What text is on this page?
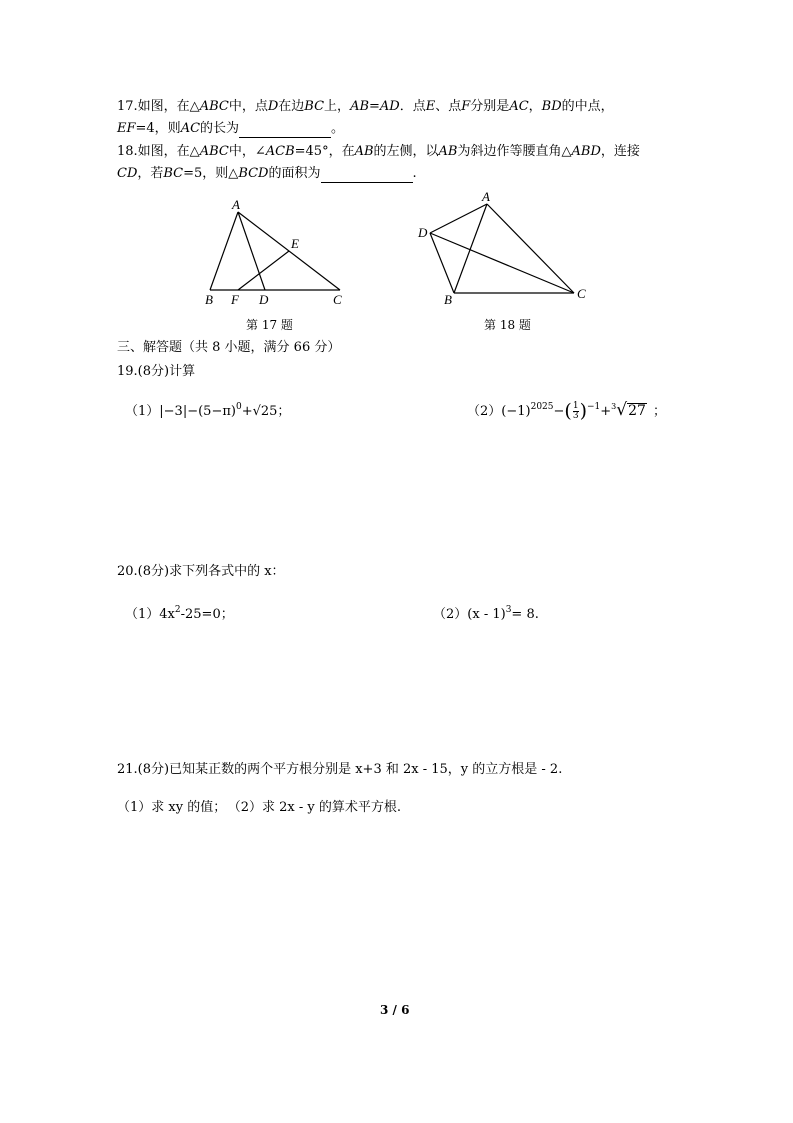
17.如图，在△ABC中，点D在边BC上，AB=AD．点E、点F分别是AC，BD的中点，
EF=4，则AC的长为	。
18.如图，在△ABC中，∠ACB=45°，在AB的左侧，以AB为斜边作等腰直角△ABD，连接
CD，若BC=5，则△BCD的面积为	.
A
B F D	C
E
第 17 题
A
D
B	C
第 18 题
三、解答题（共 8 小题，满分 66 分）
19.(8分)计算
$(1)|-3|-(5-\pi)^0+√25$；	$(2)(-1)^{2025}-( \frac{1}{3} )^{-1}+^3√27$ ；
20.(8分)求下列各式中的 x：
$(1)4x^2-25=0$；	（2）(x - 1)$^3$= 8.
21.(8分)已知某正数的两个平方根分别是 x+3 和 2x - 15，y 的立方根是 - 2.
（1）求 xy 的值； （2）求 2x - y 的算术平方根.
3 / 6
